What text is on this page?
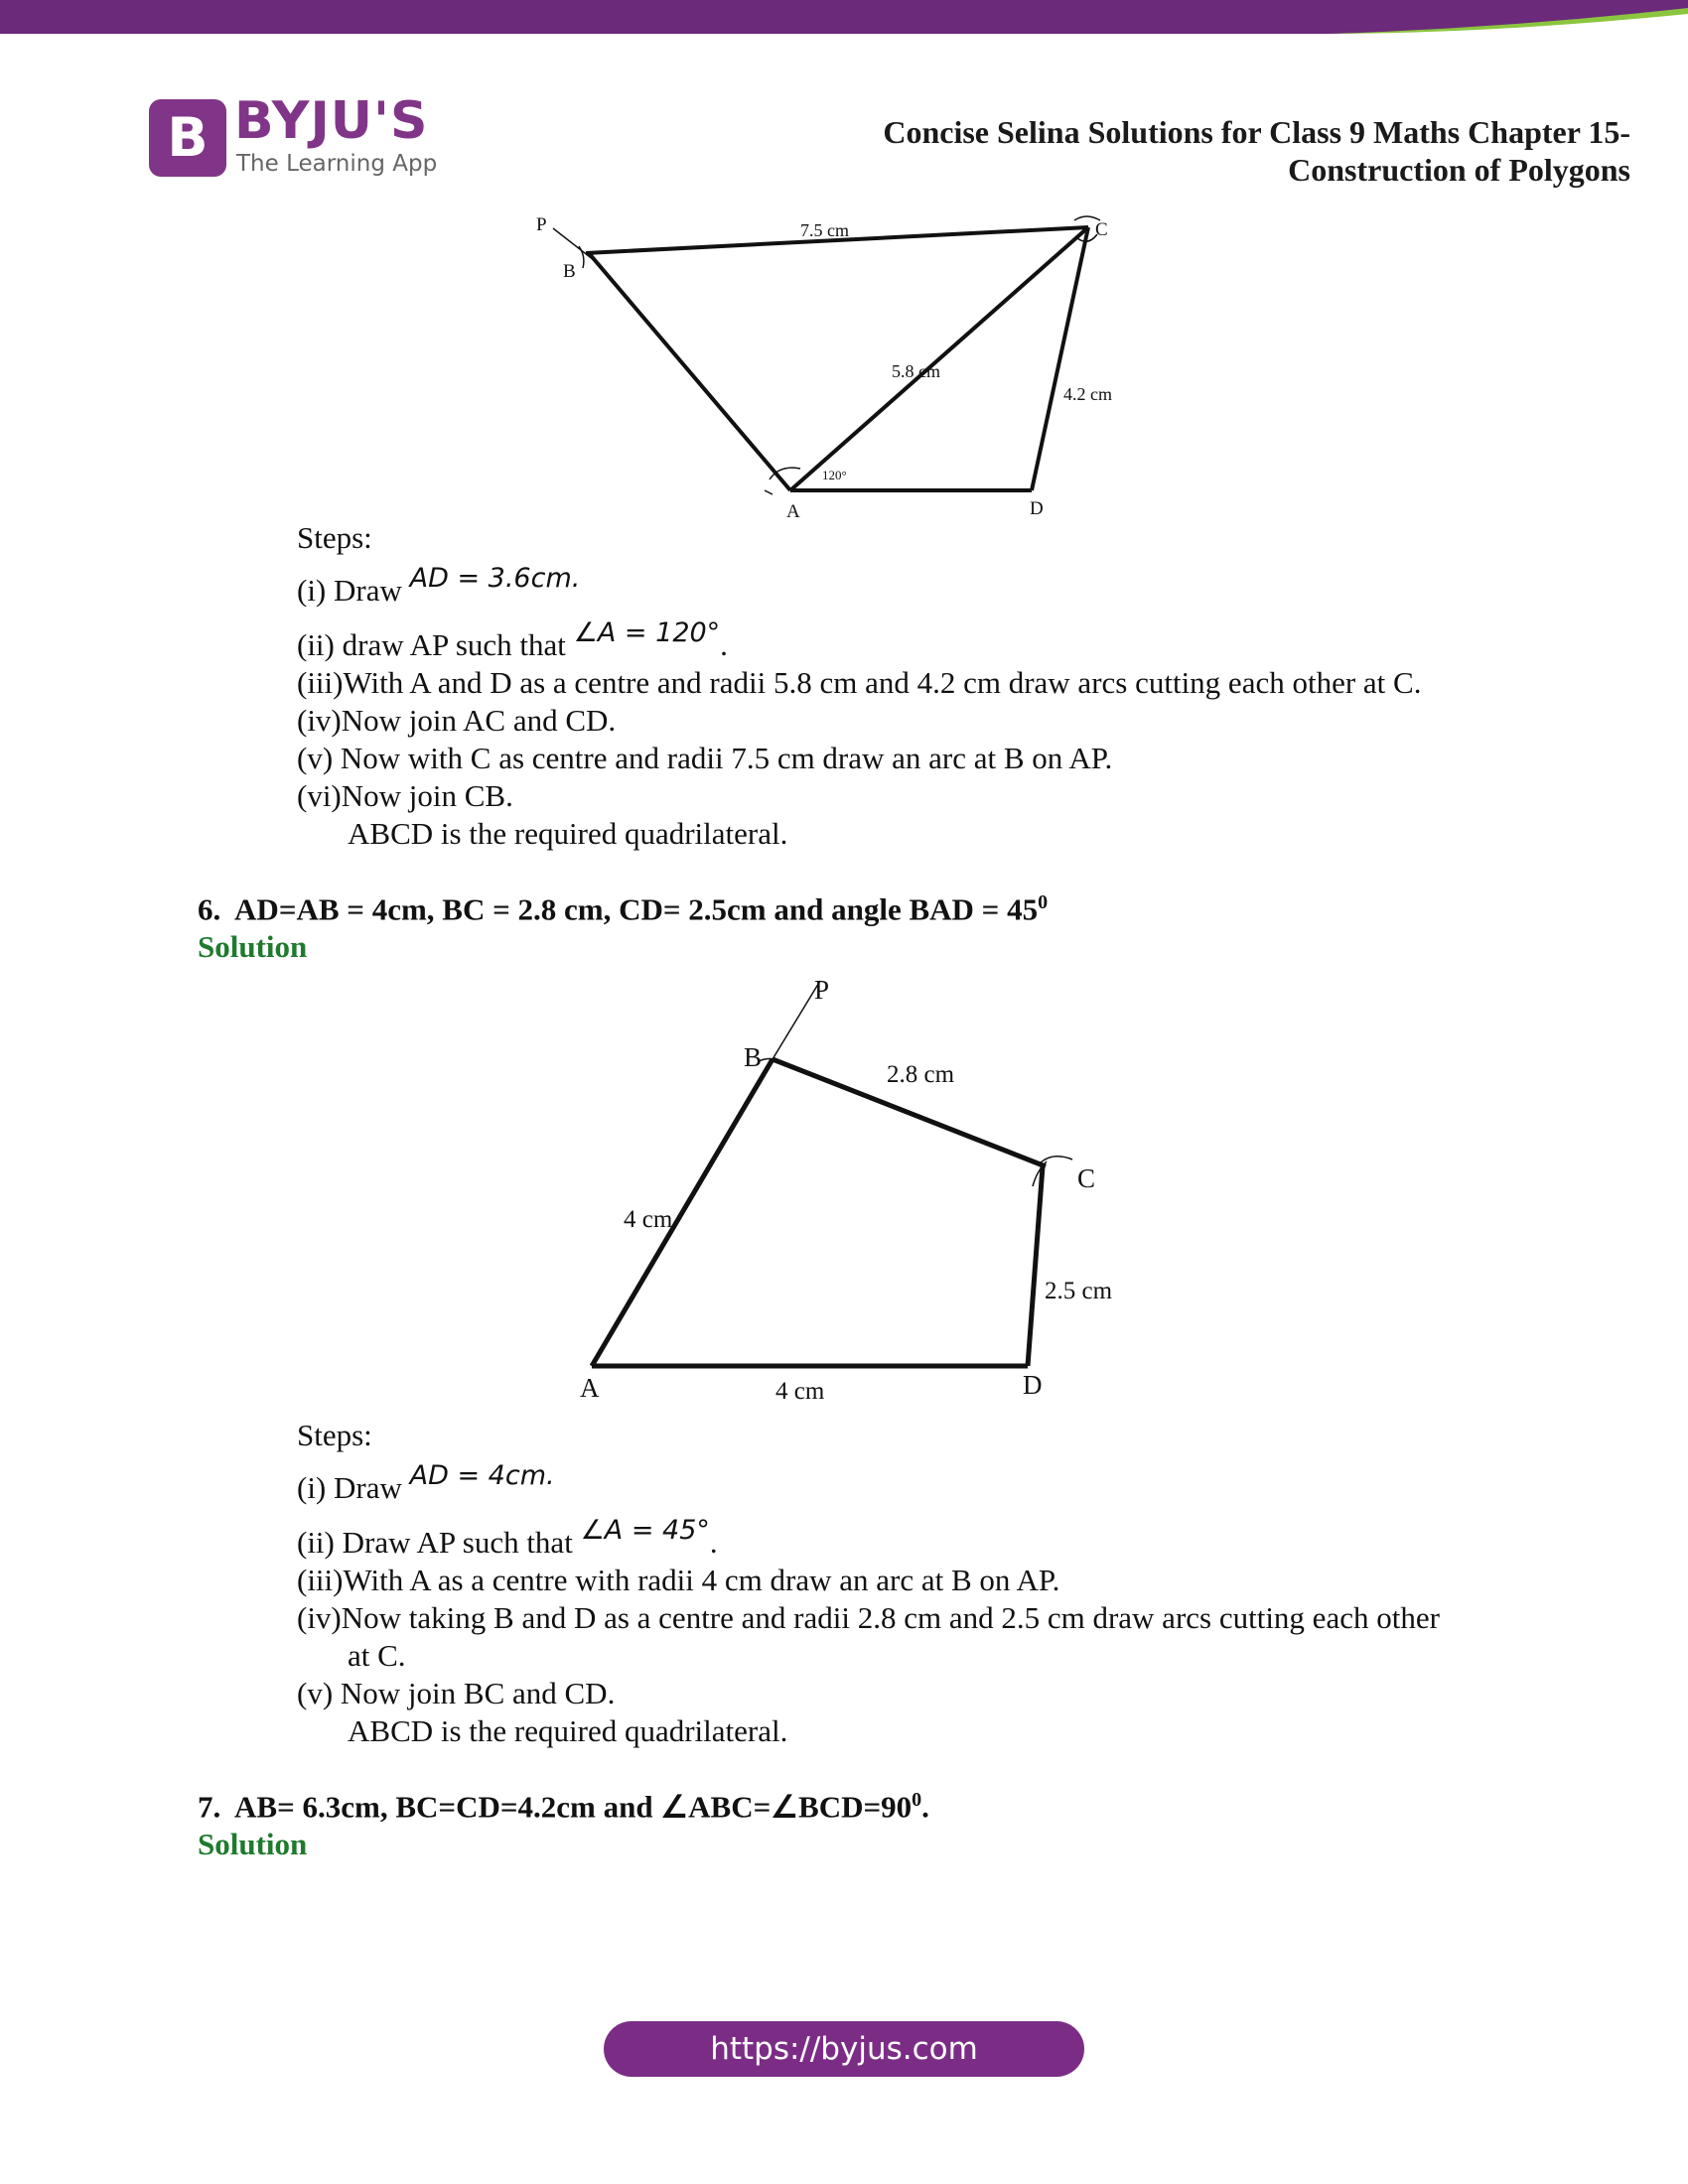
B BYJU'S
The Learning App
Concise Selina Solutions for Class 9 Maths Chapter 15-
Construction of Polygons
P
B
C
A	D
7.5 cm
5.8 cm
4.2 cm
120°
Steps:
(i) Draw AD = 3.6cm.
(ii) draw AP such that ∠A = 120°.
(iii)With A and D as a centre and radii 5.8 cm and 4.2 cm draw arcs cutting each other at C.
(iv)Now join AC and CD.
(v) Now with C as centre and radii 7.5 cm draw an arc at B on AP.
(vi)Now join CB.
ABCD is the required quadrilateral.
6. AD=AB = 4cm, BC = 2.8 cm, CD= 2.5cm and angle BAD = $45^0$
Solution
P
B
C
A	D
2.8 cm
4 cm
2.5 cm
4 cm
Steps:
(i) Draw AD = 4cm.
(ii) Draw AP such that ∠A = 45°.
(iii)With A as a centre with radii 4 cm draw an arc at B on AP.
(iv)Now taking B and D as a centre and radii 2.8 cm and 2.5 cm draw arcs cutting each other
at C.
(v) Now join BC and CD.
ABCD is the required quadrilateral.
7. AB= 6.3cm, BC=CD=4.2cm and $\angle ABC=\angle BCD=90^0$.
Solution
https://byjus.com
